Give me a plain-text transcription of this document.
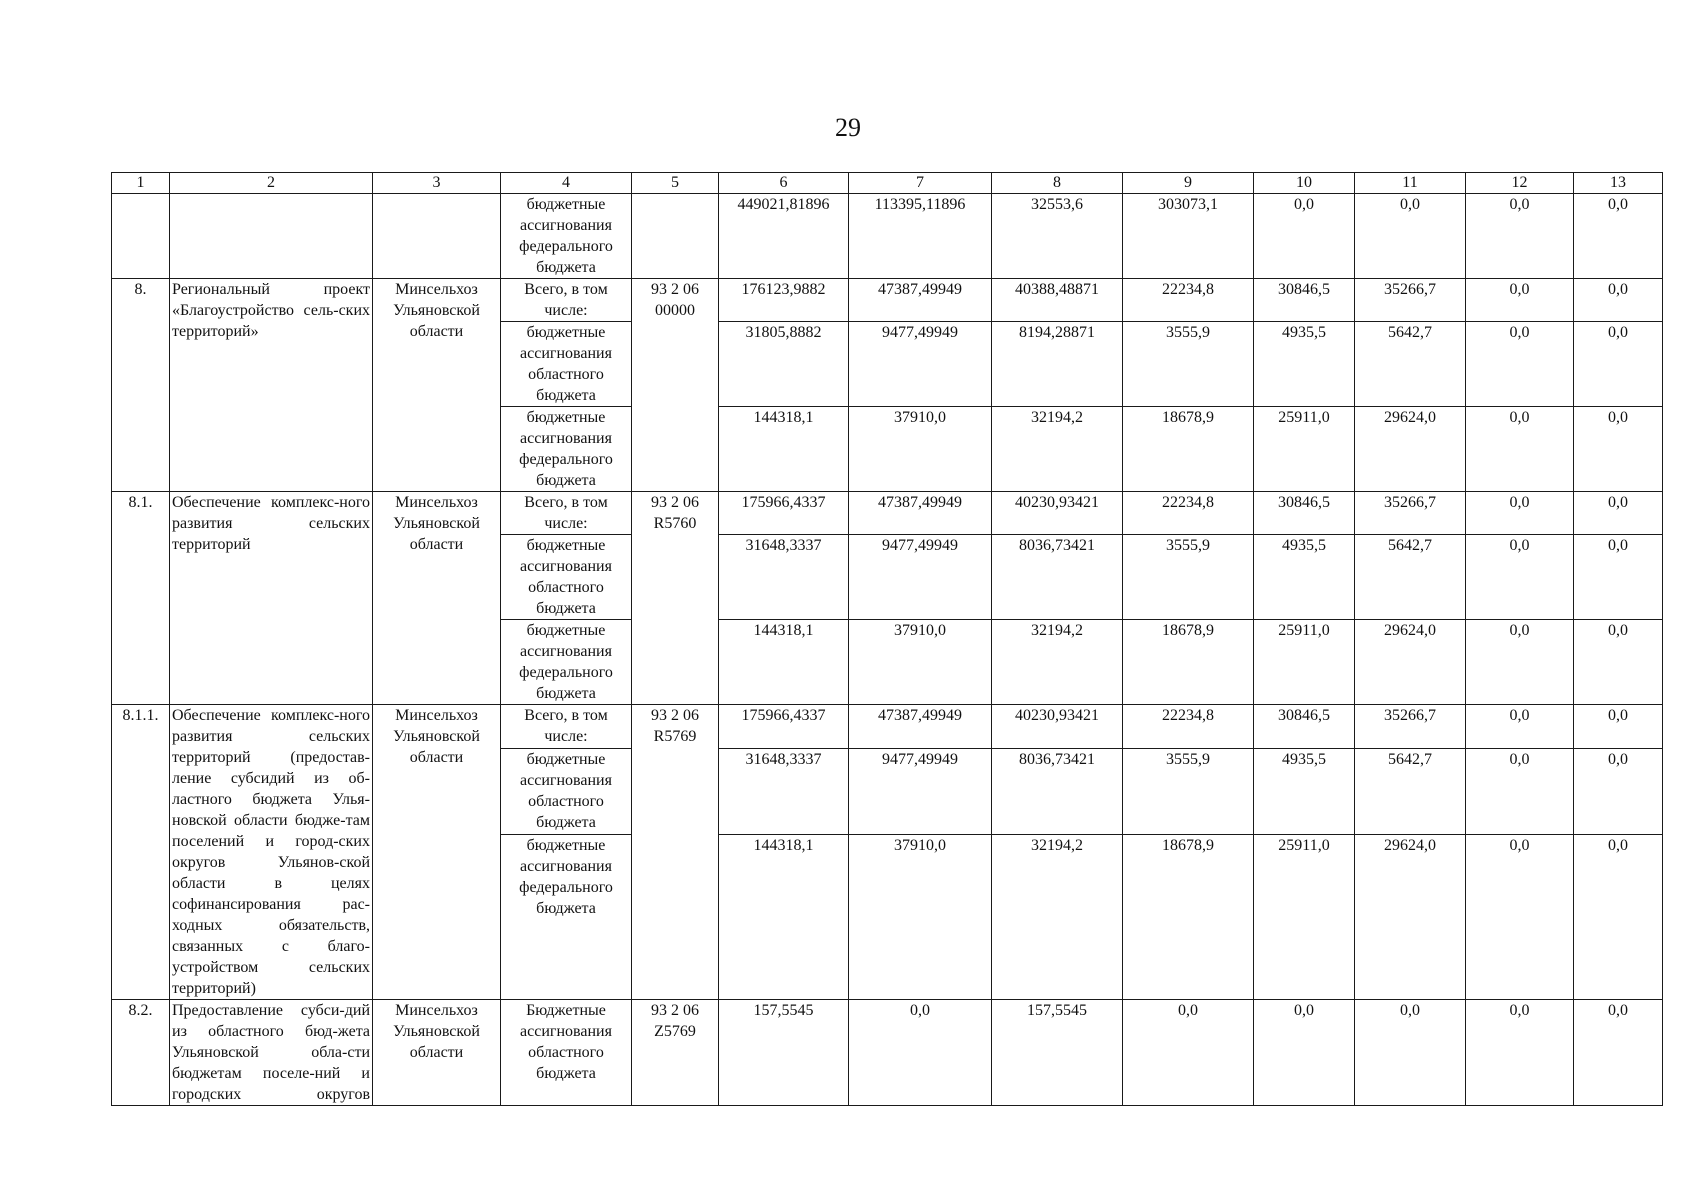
29
1	2	3	4	5	6	7	8	9	10	11	12	13
			бюджетные ассигнования федерального бюджета		449021,81896	113395,11896	32553,6	303073,1	0,0	0,0	0,0	0,0
8.	Региональный проект «Благоустройство сель-ских территорий»	Минсельхоз Ульяновской области	Всего, в том числе:	93 2 06 00000	176123,9882	47387,49949	40388,48871	22234,8	30846,5	35266,7	0,0	0,0
			бюджетные ассигнования областного бюджета		31805,8882	9477,49949	8194,28871	3555,9	4935,5	5642,7	0,0	0,0
			бюджетные ассигнования федерального бюджета		144318,1	37910,0	32194,2	18678,9	25911,0	29624,0	0,0	0,0
8.1.	Обеспечение комплекс-ного развития сельских территорий	Минсельхоз Ульяновской области	Всего, в том числе:	93 2 06 R5760	175966,4337	47387,49949	40230,93421	22234,8	30846,5	35266,7	0,0	0,0
			бюджетные ассигнования областного бюджета		31648,3337	9477,49949	8036,73421	3555,9	4935,5	5642,7	0,0	0,0
			бюджетные ассигнования федерального бюджета		144318,1	37910,0	32194,2	18678,9	25911,0	29624,0	0,0	0,0
8.1.1.	Обеспечение комплекс-ного развития сельских территорий (предостав-ление субсидий из об-ластного бюджета Улья-новской области бюдже-там поселений и город-ских округов Ульянов-ской области в целях софинансирования рас-ходных обязательств, связанных с благо-устройством сельских территорий)	Минсельхоз Ульяновской области	Всего, в том числе:	93 2 06 R5769	175966,4337	47387,49949	40230,93421	22234,8	30846,5	35266,7	0,0	0,0
			бюджетные ассигнования областного бюджета		31648,3337	9477,49949	8036,73421	3555,9	4935,5	5642,7	0,0	0,0
			бюджетные ассигнования федерального бюджета		144318,1	37910,0	32194,2	18678,9	25911,0	29624,0	0,0	0,0
8.2.	Предоставление субси-дий из областного бюд-жета Ульяновской обла-сти бюджетам поселе-ний и городских округов	Минсельхоз Ульяновской области	Бюджетные ассигнования областного бюджета	93 2 06 Z5769	157,5545	0,0	157,5545	0,0	0,0	0,0	0,0	0,0
